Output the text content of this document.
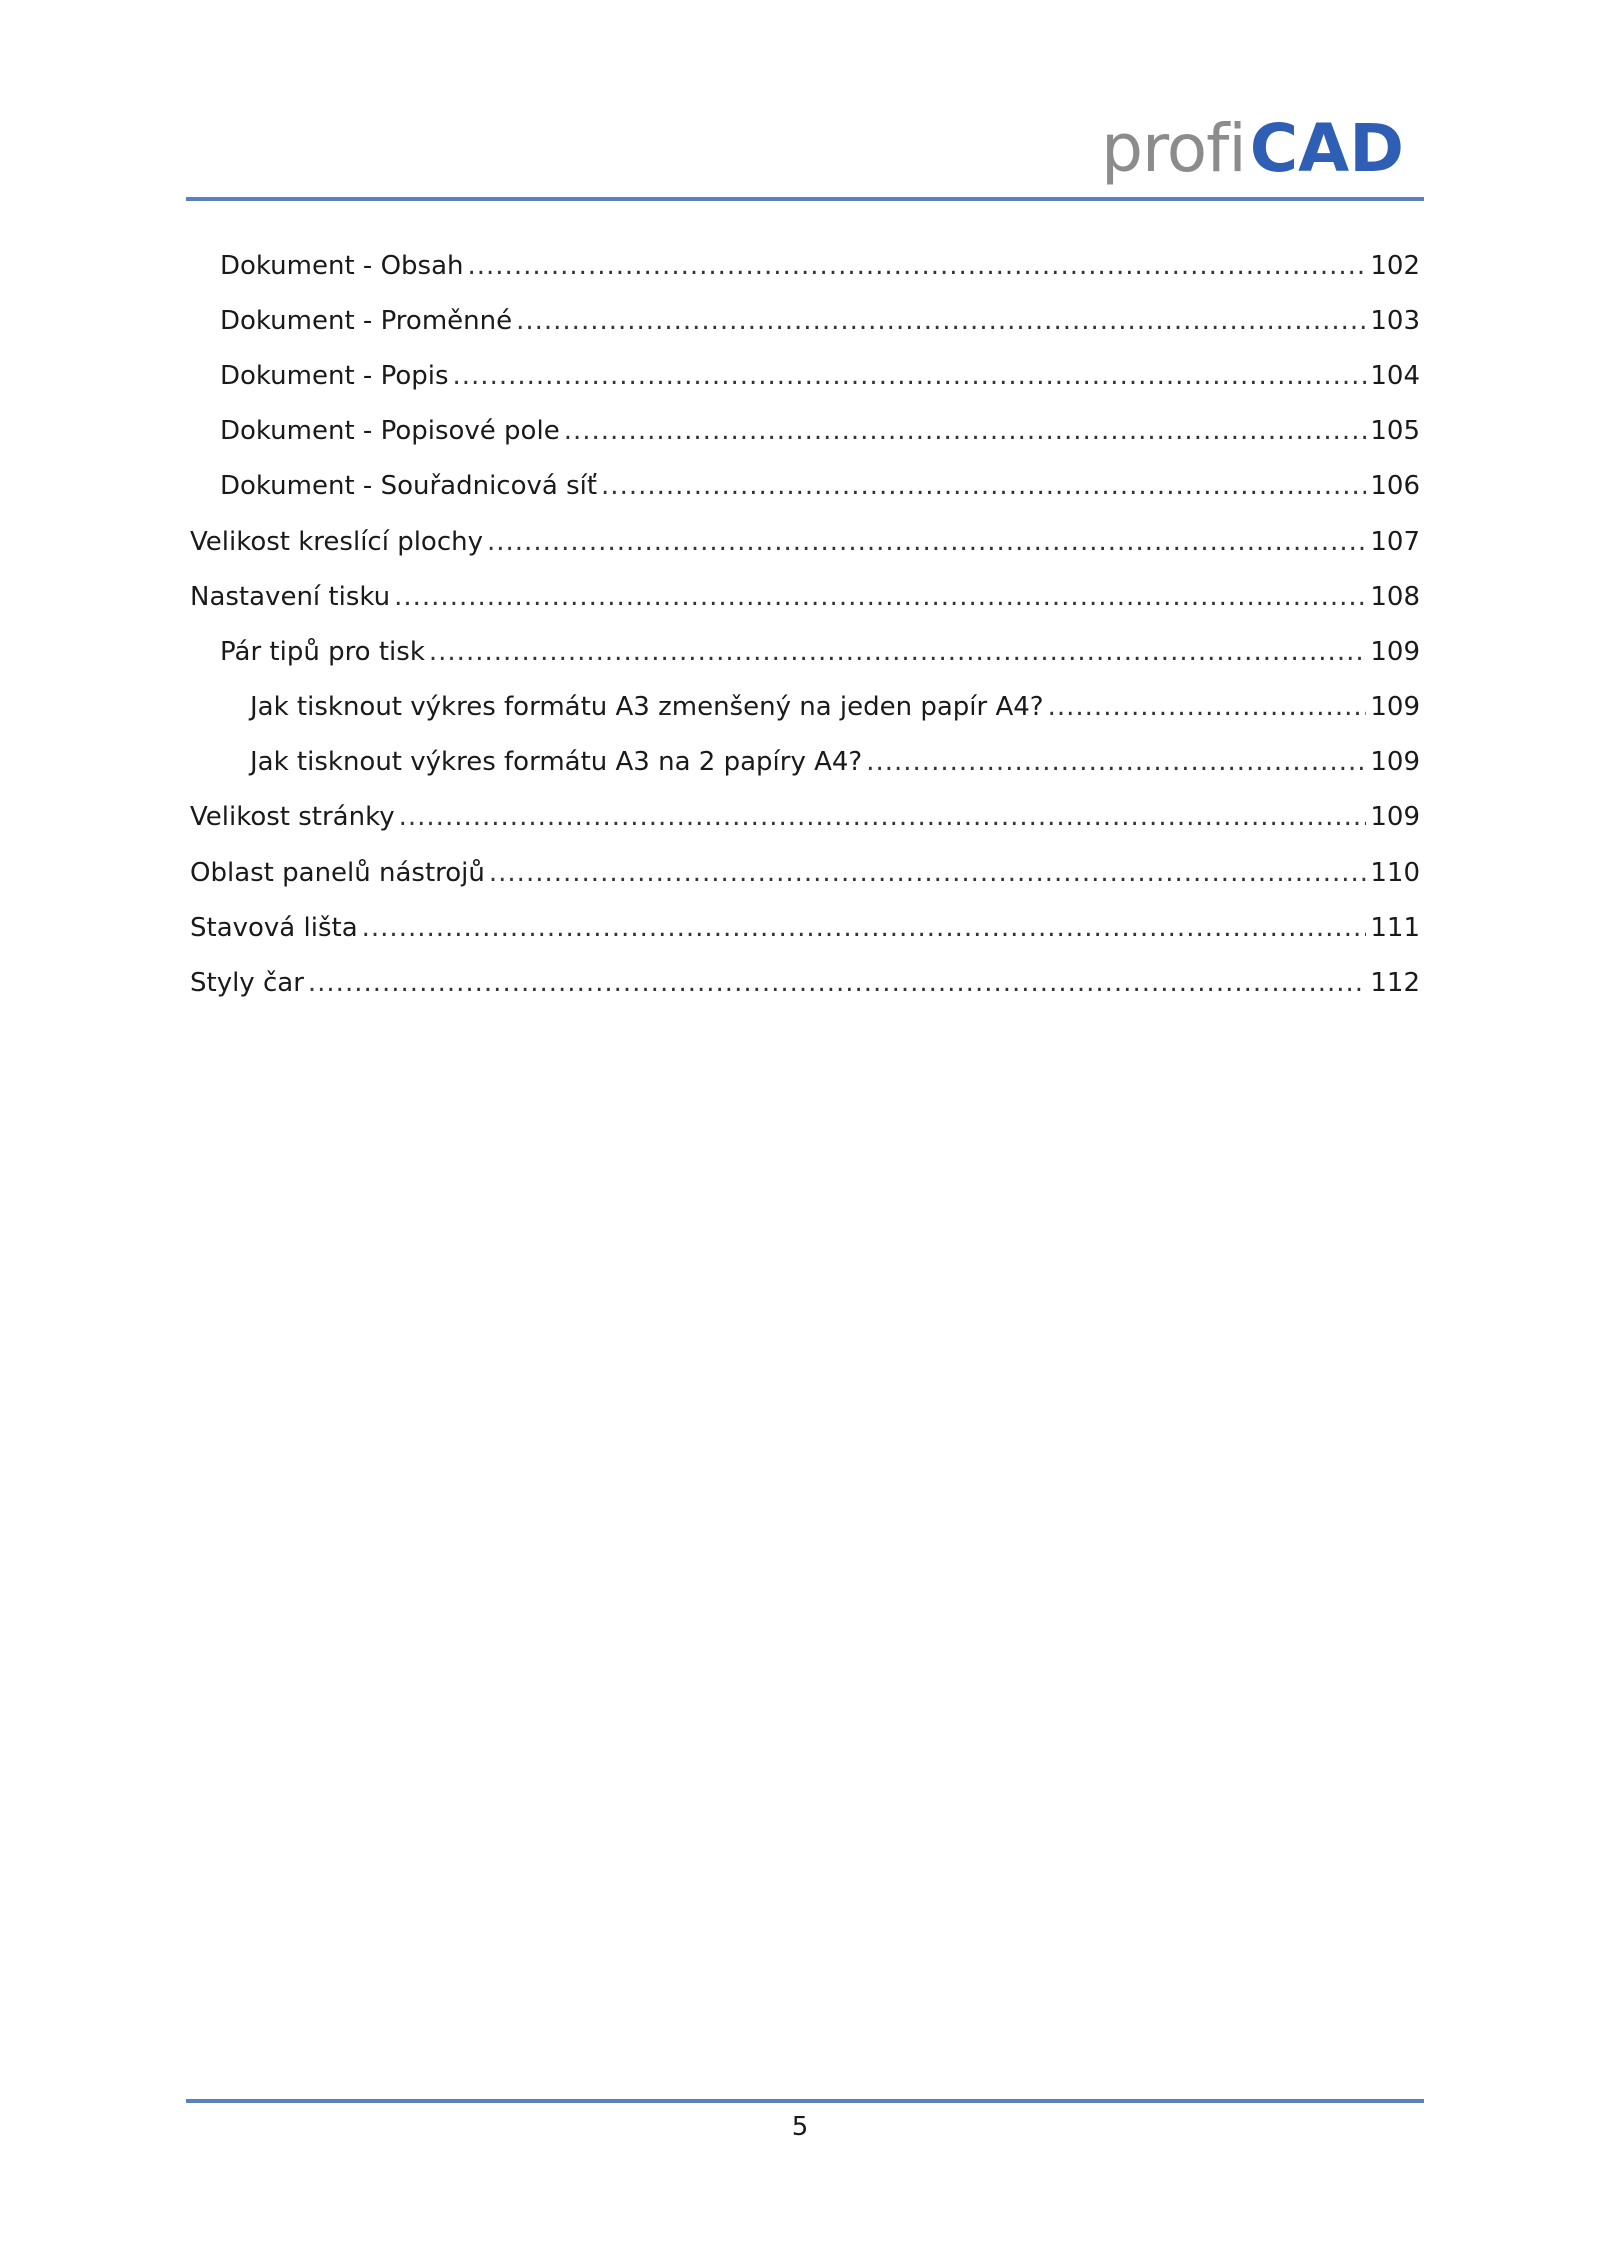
profi CAD
Dokument - Obsah .....	102
Dokument - Proměnné .....	103
Dokument - Popis .....	104
Dokument - Popisové pole .....	105
Dokument - Souřadnicová síť .....	106
Velikost kreslící plochy .....	107
Nastavení tisku .....	108
Pár tipů pro tisk .....	109
Jak tisknout výkres formátu A3 zmenšený na jeden papír A4? .....	109
Jak tisknout výkres formátu A3 na 2 papíry A4? .....	109
Velikost stránky .....	109
Oblast panelů nástrojů .....	110
Stavová lišta .....	111
Styly čar .....	112
5
